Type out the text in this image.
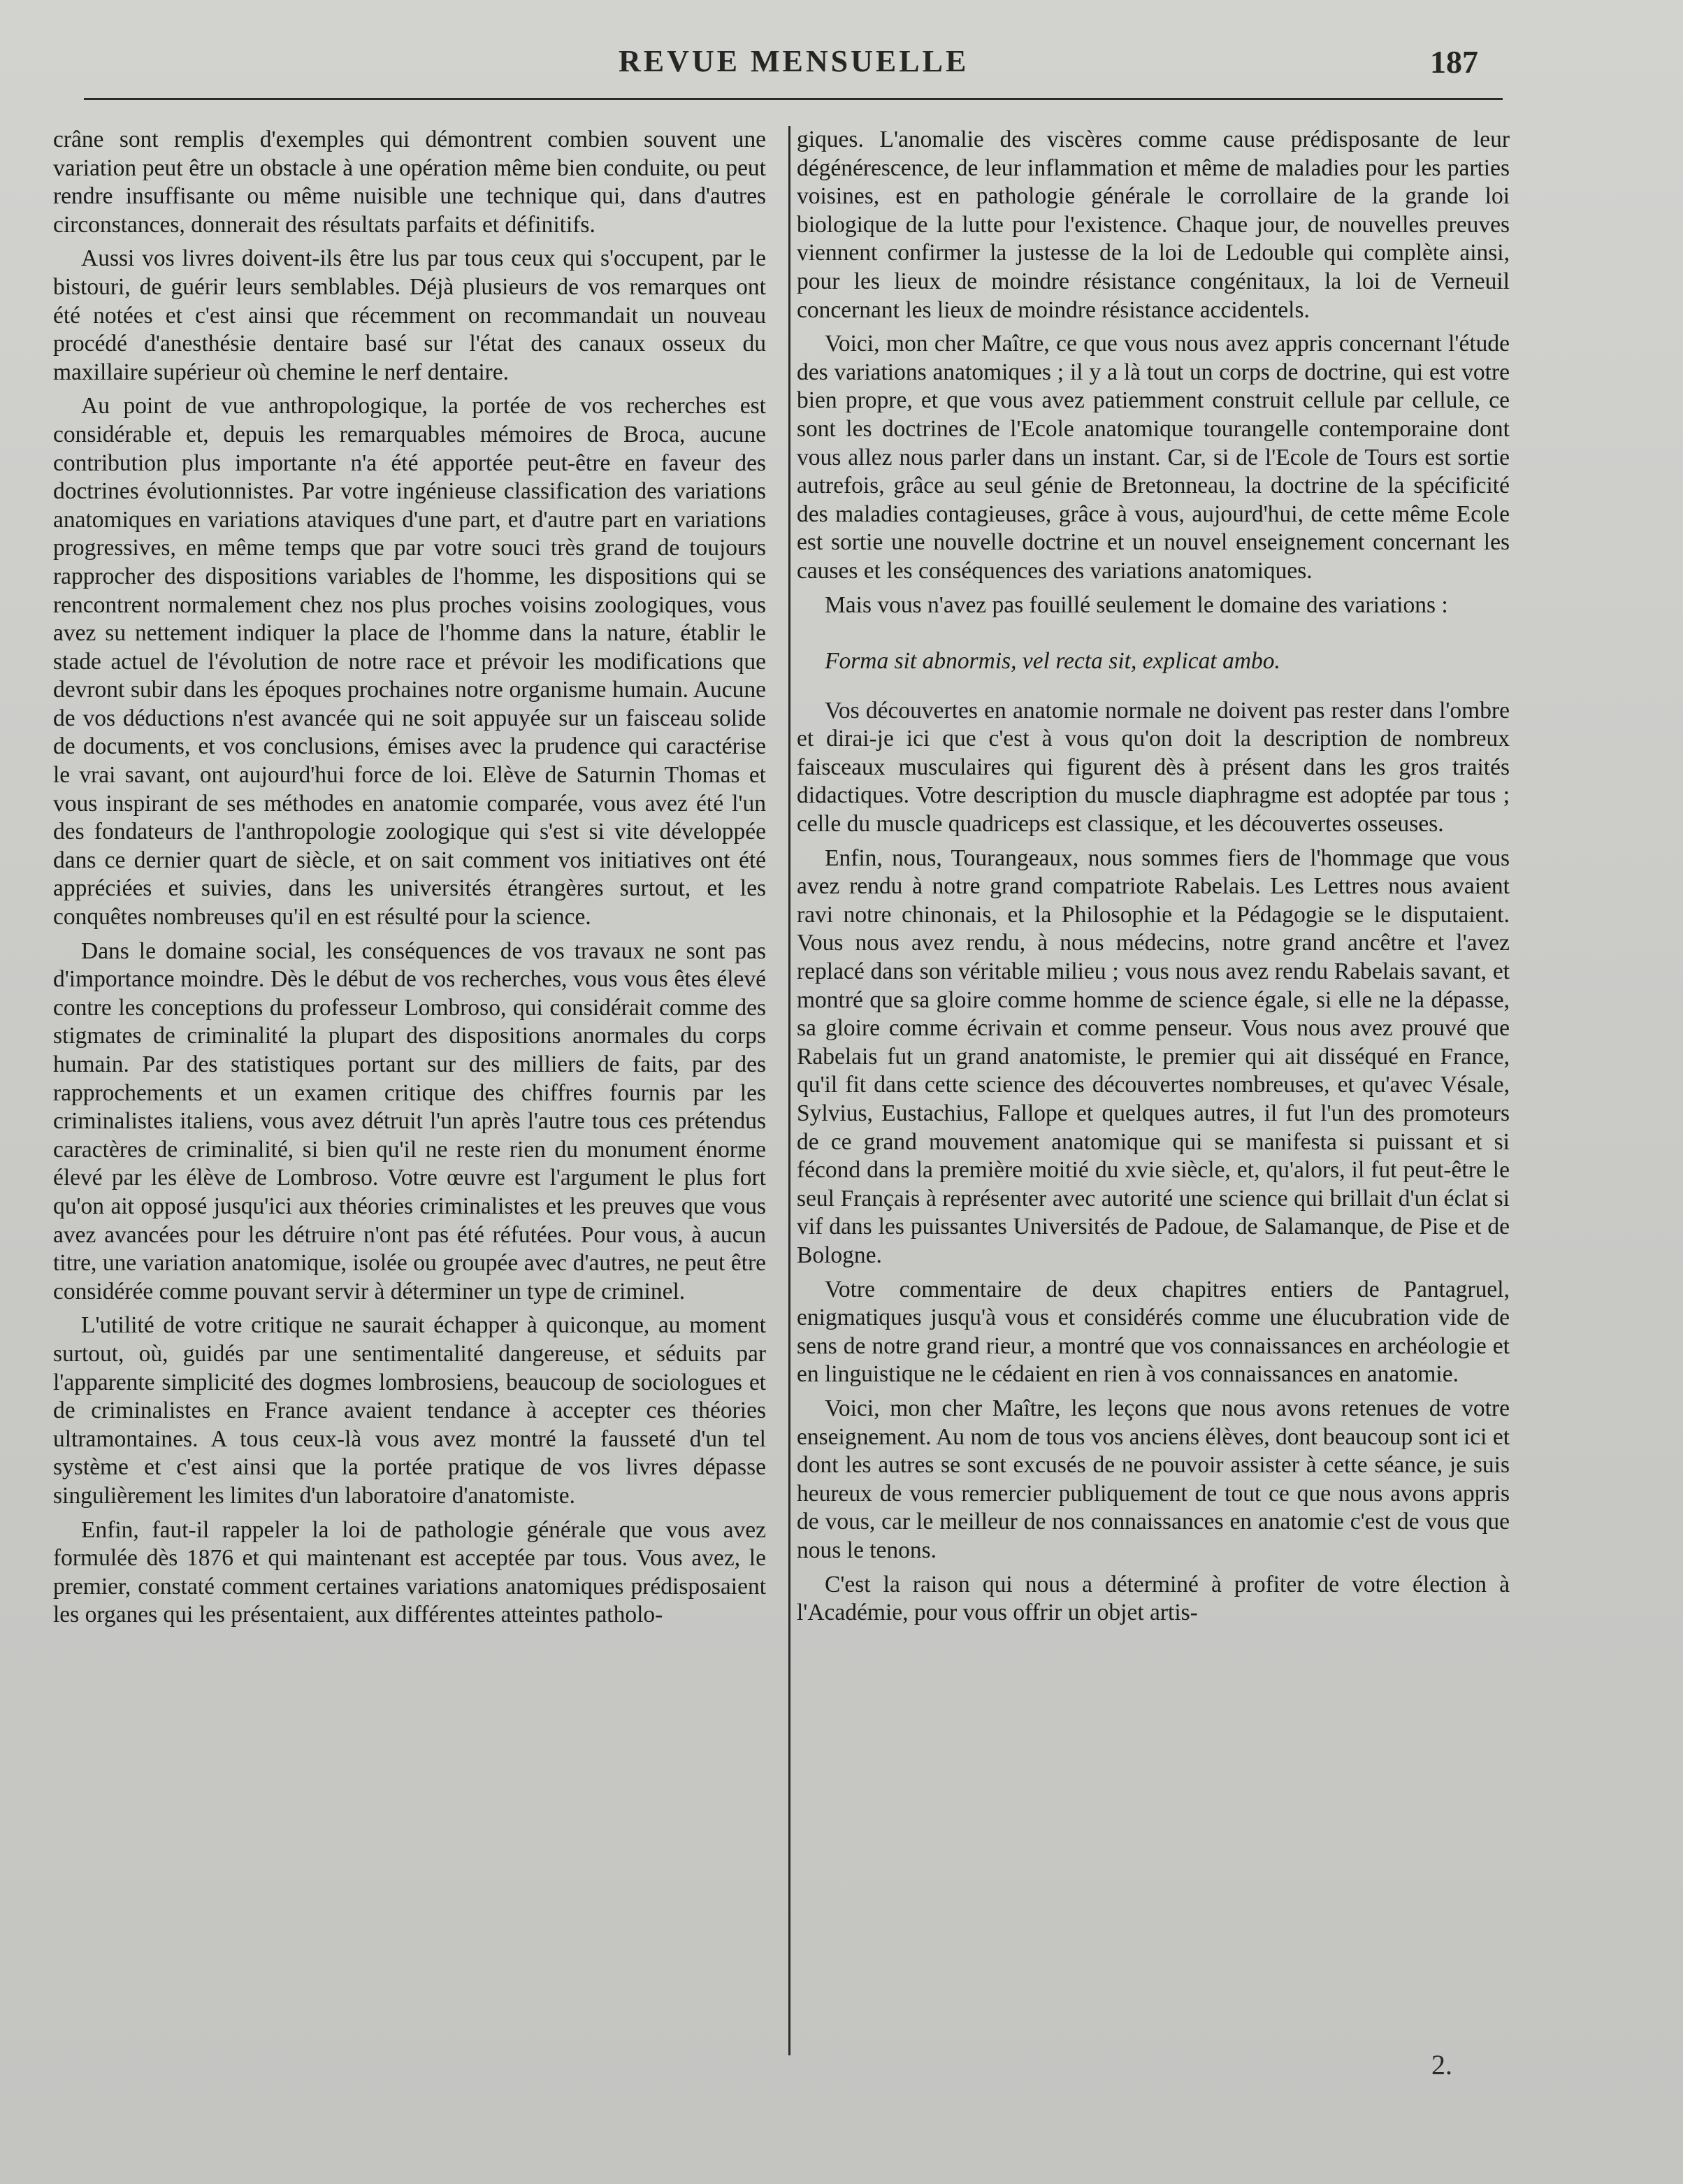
REVUE MENSUELLE	187

crâne sont remplis d'exemples qui démontrent combien souvent une variation peut être un obstacle à une opération même bien conduite, ou peut rendre insuffisante ou même nuisible une technique qui, dans d'autres circonstances, donnerait des résultats parfaits et définitifs.

Aussi vos livres doivent-ils être lus par tous ceux qui s'occupent, par le bistouri, de guérir leurs semblables. Déjà plusieurs de vos remarques ont été notées et c'est ainsi que récemment on recommandait un nouveau procédé d'anesthésie dentaire basé sur l'état des canaux osseux du maxillaire supérieur où chemine le nerf dentaire.

Au point de vue anthropologique, la portée de vos recherches est considérable et, depuis les remarquables mémoires de Broca, aucune contribution plus importante n'a été apportée peut-être en faveur des doctrines évolutionnistes. Par votre ingénieuse classification des variations anatomiques en variations ataviques d'une part, et d'autre part en variations progressives, en même temps que par votre souci très grand de toujours rapprocher des dispositions variables de l'homme, les dispositions qui se rencontrent normalement chez nos plus proches voisins zoologiques, vous avez su nettement indiquer la place de l'homme dans la nature, établir le stade actuel de l'évolution de notre race et prévoir les modifications que devront subir dans les époques prochaines notre organisme humain. Aucune de vos déductions n'est avancée qui ne soit appuyée sur un faisceau solide de documents, et vos conclusions, émises avec la prudence qui caractérise le vrai savant, ont aujourd'hui force de loi. Elève de Saturnin Thomas et vous inspirant de ses méthodes en anatomie comparée, vous avez été l'un des fondateurs de l'anthropologie zoologique qui s'est si vite développée dans ce dernier quart de siècle, et on sait comment vos initiatives ont été appréciées et suivies, dans les universités étrangères surtout, et les conquêtes nombreuses qu'il en est résulté pour la science.

Dans le domaine social, les conséquences de vos travaux ne sont pas d'importance moindre. Dès le début de vos recherches, vous vous êtes élevé contre les conceptions du professeur Lombroso, qui considérait comme des stigmates de criminalité la plupart des dispositions anormales du corps humain. Par des statistiques portant sur des milliers de faits, par des rapprochements et un examen critique des chiffres fournis par les criminalistes italiens, vous avez détruit l'un après l'autre tous ces prétendus caractères de criminalité, si bien qu'il ne reste rien du monument énorme élevé par les élève de Lombroso. Votre œuvre est l'argument le plus fort qu'on ait opposé jusqu'ici aux théories criminalistes et les preuves que vous avez avancées pour les détruire n'ont pas été réfutées. Pour vous, à aucun titre, une variation anatomique, isolée ou groupée avec d'autres, ne peut être considérée comme pouvant servir à déterminer un type de criminel.

L'utilité de votre critique ne saurait échapper à quiconque, au moment surtout, où, guidés par une sentimentalité dangereuse, et séduits par l'apparente simplicité des dogmes lombrosiens, beaucoup de sociologues et de criminalistes en France avaient tendance à accepter ces théories ultramontaines. A tous ceux-là vous avez montré la fausseté d'un tel système et c'est ainsi que la portée pratique de vos livres dépasse singulièrement les limites d'un laboratoire d'anatomiste.

Enfin, faut-il rappeler la loi de pathologie générale que vous avez formulée dès 1876 et qui maintenant est acceptée par tous. Vous avez, le premier, constaté comment certaines variations anatomiques prédisposaient les organes qui les présentaient, aux différentes atteintes patholo-

giques. L'anomalie des viscères comme cause prédisposante de leur dégénérescence, de leur inflammation et même de maladies pour les parties voisines, est en pathologie générale le corrollaire de la grande loi biologique de la lutte pour l'existence. Chaque jour, de nouvelles preuves viennent confirmer la justesse de la loi de Ledouble qui complète ainsi, pour les lieux de moindre résistance congénitaux, la loi de Verneuil concernant les lieux de moindre résistance accidentels.

Voici, mon cher Maître, ce que vous nous avez appris concernant l'étude des variations anatomiques ; il y a là tout un corps de doctrine, qui est votre bien propre, et que vous avez patiemment construit cellule par cellule, ce sont les doctrines de l'Ecole anatomique tourangelle contemporaine dont vous allez nous parler dans un instant. Car, si de l'Ecole de Tours est sortie autrefois, grâce au seul génie de Bretonneau, la doctrine de la spécificité des maladies contagieuses, grâce à vous, aujourd'hui, de cette même Ecole est sortie une nouvelle doctrine et un nouvel enseignement concernant les causes et les conséquences des variations anatomiques.

Mais vous n'avez pas fouillé seulement le domaine des variations :

Forma sit abnormis, vel recta sit, explicat ambo.

Vos découvertes en anatomie normale ne doivent pas rester dans l'ombre et dirai-je ici que c'est à vous qu'on doit la description de nombreux faisceaux musculaires qui figurent dès à présent dans les gros traités didactiques. Votre description du muscle diaphragme est adoptée par tous ; celle du muscle quadriceps est classique, et les découvertes osseuses.

Enfin, nous, Tourangeaux, nous sommes fiers de l'hommage que vous avez rendu à notre grand compatriote Rabelais. Les Lettres nous avaient ravi notre chinonais, et la Philosophie et la Pédagogie se le disputaient. Vous nous avez rendu, à nous médecins, notre grand ancêtre et l'avez replacé dans son véritable milieu ; vous nous avez rendu Rabelais savant, et montré que sa gloire comme homme de science égale, si elle ne la dépasse, sa gloire comme écrivain et comme penseur. Vous nous avez prouvé que Rabelais fut un grand anatomiste, le premier qui ait disséqué en France, qu'il fit dans cette science des découvertes nombreuses, et qu'avec Vésale, Sylvius, Eustachius, Fallope et quelques autres, il fut l'un des promoteurs de ce grand mouvement anatomique qui se manifesta si puissant et si fécond dans la première moitié du xvie siècle, et, qu'alors, il fut peut-être le seul Français à représenter avec autorité une science qui brillait d'un éclat si vif dans les puissantes Universités de Padoue, de Salamanque, de Pise et de Bologne.

Votre commentaire de deux chapitres entiers de Pantagruel, enigmatiques jusqu'à vous et considérés comme une élucubration vide de sens de notre grand rieur, a montré que vos connaissances en archéologie et en linguistique ne le cédaient en rien à vos connaissances en anatomie.

Voici, mon cher Maître, les leçons que nous avons retenues de votre enseignement. Au nom de tous vos anciens élèves, dont beaucoup sont ici et dont les autres se sont excusés de ne pouvoir assister à cette séance, je suis heureux de vous remercier publiquement de tout ce que nous avons appris de vous, car le meilleur de nos connaissances en anatomie c'est de vous que nous le tenons.

C'est la raison qui nous a déterminé à profiter de votre élection à l'Académie, pour vous offrir un objet artis-

2.
